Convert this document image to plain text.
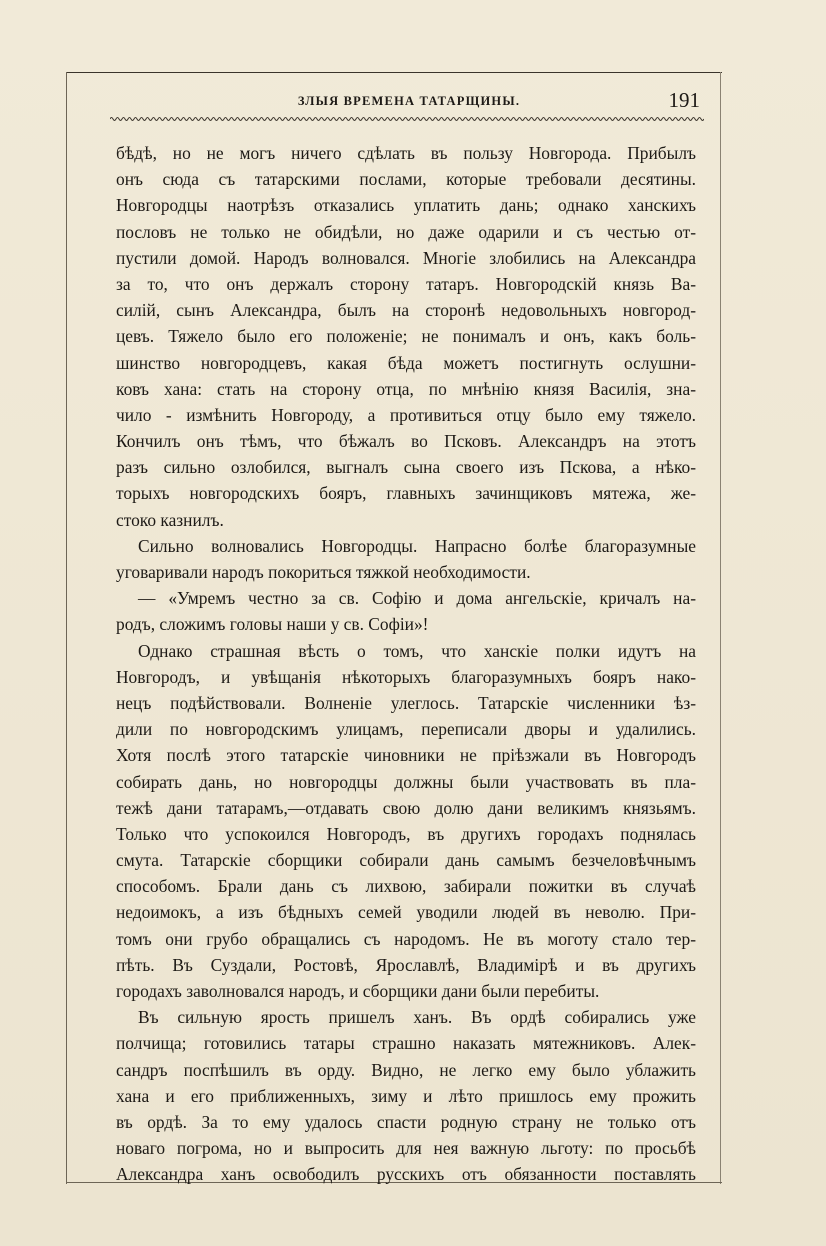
ЗЛЫЯ ВРЕМЕНА ТАТАРЩИНЫ.	191
бѣдѣ, но не могъ ничего сдѣлать въ пользу Новгорода. Прибылъ
онъ сюда съ татарскими послами, которые требовали десятины.
Новгородцы наотрѣзъ отказались уплатить дань; однако ханскихъ
пословъ не только не обидѣли, но даже одарили и съ честью от-
пустили домой. Народъ волновался. Многіе злобились на Александра
за то, что онъ держалъ сторону татаръ. Новгородскій князь Ва-
силій, сынъ Александра, былъ на сторонѣ недовольныхъ новгород-
цевъ. Тяжело было его положеніе; не понималъ и онъ, какъ боль-
шинство новгородцевъ, какая бѣда можетъ постигнуть ослушни-
ковъ хана: стать на сторону отца, по мнѣнію князя Василія, зна-
чило - измѣнить Новгороду, а противиться отцу было ему тяжело.
Кончилъ онъ тѣмъ, что бѣжалъ во Псковъ. Александръ на этотъ
разъ сильно озлобился, выгналъ сына своего изъ Пскова, а нѣко-
торыхъ новгородскихъ бояръ, главныхъ зачинщиковъ мятежа, же-
стоко казнилъ.
Сильно волновались Новгородцы. Напрасно болѣе благоразумные
уговаривали народъ покориться тяжкой необходимости.
— «Умремъ честно за св. Софію и дома ангельскіе, кричалъ на-
родъ, сложимъ головы наши у св. Софіи»!
Однако страшная вѣсть о томъ, что ханскіе полки идутъ на
Новгородъ, и увѣщанія нѣкоторыхъ благоразумныхъ бояръ нако-
нецъ подѣйствовали. Волненіе улеглось. Татарскіе численники ѣз-
дили по новгородскимъ улицамъ, переписали дворы и удалились.
Хотя послѣ этого татарскіе чиновники не пріѣзжали въ Новгородъ
собирать дань, но новгородцы должны были участвовать въ пла-
тежѣ дани татарамъ,—отдавать свою долю дани великимъ князьямъ.
Только что успокоился Новгородъ, въ другихъ городахъ поднялась
смута. Татарскіе сборщики собирали дань самымъ безчеловѣчнымъ
способомъ. Брали дань съ лихвою, забирали пожитки въ случаѣ
недоимокъ, а изъ бѣдныхъ семей уводили людей въ неволю. При-
томъ они грубо обращались съ народомъ. Не въ моготу стало тер-
пѣть. Въ Суздали, Ростовѣ, Ярославлѣ, Владимірѣ и въ другихъ
городахъ заволновался народъ, и сборщики дани были перебиты.
Въ сильную ярость пришелъ ханъ. Въ ордѣ собирались уже
полчища; готовились татары страшно наказать мятежниковъ. Алек-
сандръ поспѣшилъ въ орду. Видно, не легко ему было ублажить
хана и его приближенныхъ, зиму и лѣто пришлось ему прожить
въ ордѣ. За то ему удалось спасти родную страну не только отъ
новаго погрома, но и выпросить для нея важную льготу: по просьбѣ
Александра ханъ освободилъ русскихъ отъ обязанности поставлять
